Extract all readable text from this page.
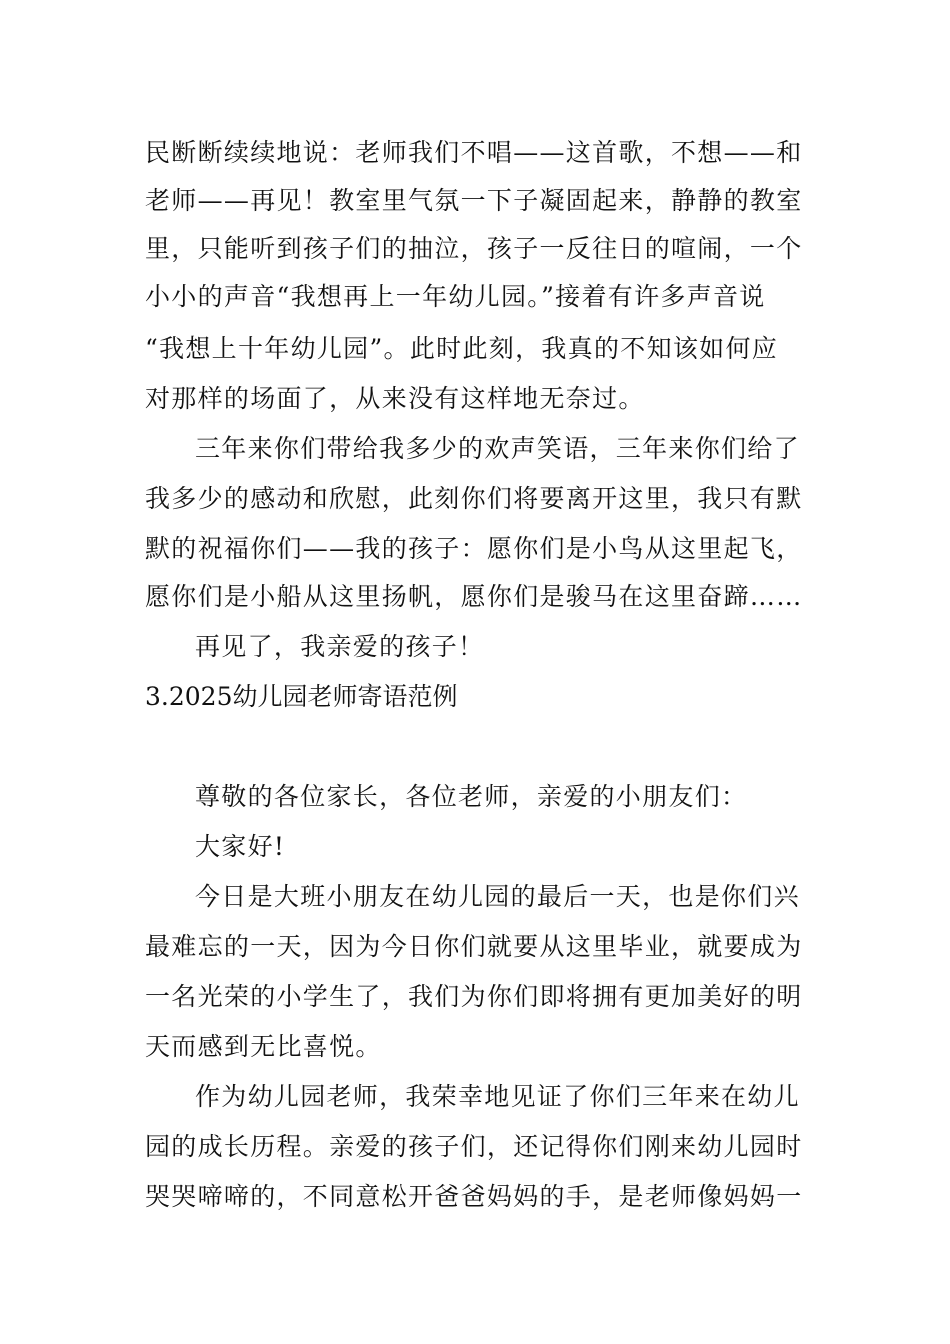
民断断续续地说：老师我们不唱——这首歌，不想——和
老师——再见！教室里气氛一下子凝固起来，静静的教室
里，只能听到孩子们的抽泣，孩子一反往日的喧闹，一个
小小的声音“我想再上一年幼儿园。”接着有许多声音说
“我想上十年幼儿园”。此时此刻，我真的不知该如何应
对那样的场面了，从来没有这样地无奈过。
三年来你们带给我多少的欢声笑语，三年来你们给了
我多少的感动和欣慰，此刻你们将要离开这里，我只有默
默的祝福你们——我的孩子：愿你们是小鸟从这里起飞，
愿你们是小船从这里扬帆，愿你们是骏马在这里奋蹄……
再见了，我亲爱的孩子！
3.2025幼儿园老师寄语范例
尊敬的各位家长，各位老师，亲爱的小朋友们：
大家好!
今日是大班小朋友在幼儿园的最后一天，也是你们兴
最难忘的一天，因为今日你们就要从这里毕业，就要成为
一名光荣的小学生了，我们为你们即将拥有更加美好的明
天而感到无比喜悦。
作为幼儿园老师，我荣幸地见证了你们三年来在幼儿
园的成长历程。亲爱的孩子们，还记得你们刚来幼儿园时
哭哭啼啼的，不同意松开爸爸妈妈的手，是老师像妈妈一
